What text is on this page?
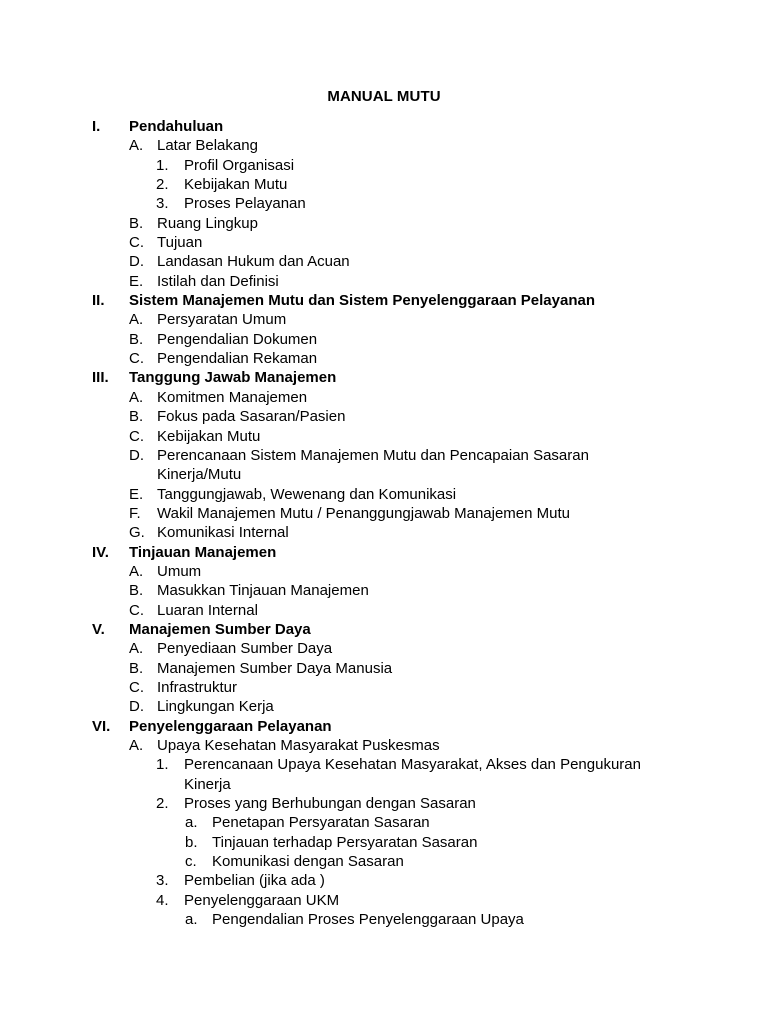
MANUAL MUTU
I. Pendahuluan
A. Latar Belakang
1. Profil Organisasi
2. Kebijakan Mutu
3. Proses Pelayanan
B. Ruang Lingkup
C. Tujuan
D. Landasan Hukum dan Acuan
E. Istilah dan Definisi
II. Sistem Manajemen Mutu dan Sistem Penyelenggaraan Pelayanan
A. Persyaratan Umum
B. Pengendalian Dokumen
C. Pengendalian Rekaman
III. Tanggung Jawab Manajemen
A. Komitmen Manajemen
B. Fokus pada Sasaran/Pasien
C. Kebijakan Mutu
D. Perencanaan Sistem Manajemen Mutu dan Pencapaian Sasaran
Kinerja/Mutu
E. Tanggungjawab, Wewenang dan Komunikasi
F. Wakil Manajemen Mutu / Penanggungjawab Manajemen Mutu
G. Komunikasi Internal
IV. Tinjauan Manajemen
A. Umum
B. Masukkan Tinjauan Manajemen
C. Luaran Internal
V. Manajemen Sumber Daya
A. Penyediaan Sumber Daya
B. Manajemen Sumber Daya Manusia
C. Infrastruktur
D. Lingkungan Kerja
VI. Penyelenggaraan Pelayanan
A. Upaya Kesehatan Masyarakat Puskesmas
1. Perencanaan Upaya Kesehatan Masyarakat, Akses dan Pengukuran
Kinerja
2. Proses yang Berhubungan dengan Sasaran
a. Penetapan Persyaratan Sasaran
b. Tinjauan terhadap Persyaratan Sasaran
c. Komunikasi dengan Sasaran
3. Pembelian (jika ada )
4. Penyelenggaraan UKM
a. Pengendalian Proses Penyelenggaraan Upaya
